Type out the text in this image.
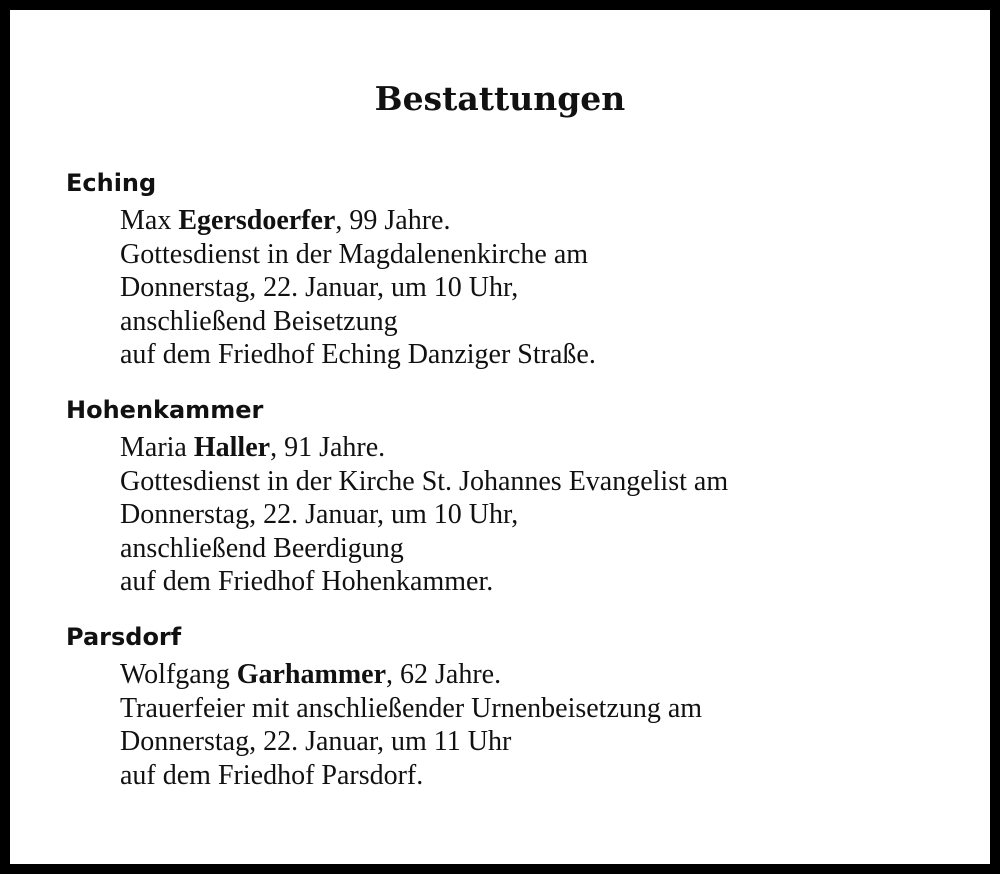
Bestattungen
Eching
Max Egersdoerfer, 99 Jahre.
Gottesdienst in der Magdalenenkirche am
Donnerstag, 22. Januar, um 10 Uhr,
anschließend Beisetzung
auf dem Friedhof Eching Danziger Straße.
Hohenkammer
Maria Haller, 91 Jahre.
Gottesdienst in der Kirche St. Johannes Evangelist am
Donnerstag, 22. Januar, um 10 Uhr,
anschließend Beerdigung
auf dem Friedhof Hohenkammer.
Parsdorf
Wolfgang Garhammer, 62 Jahre.
Trauerfeier mit anschließender Urnenbeisetzung am
Donnerstag, 22. Januar, um 11 Uhr
auf dem Friedhof Parsdorf.
